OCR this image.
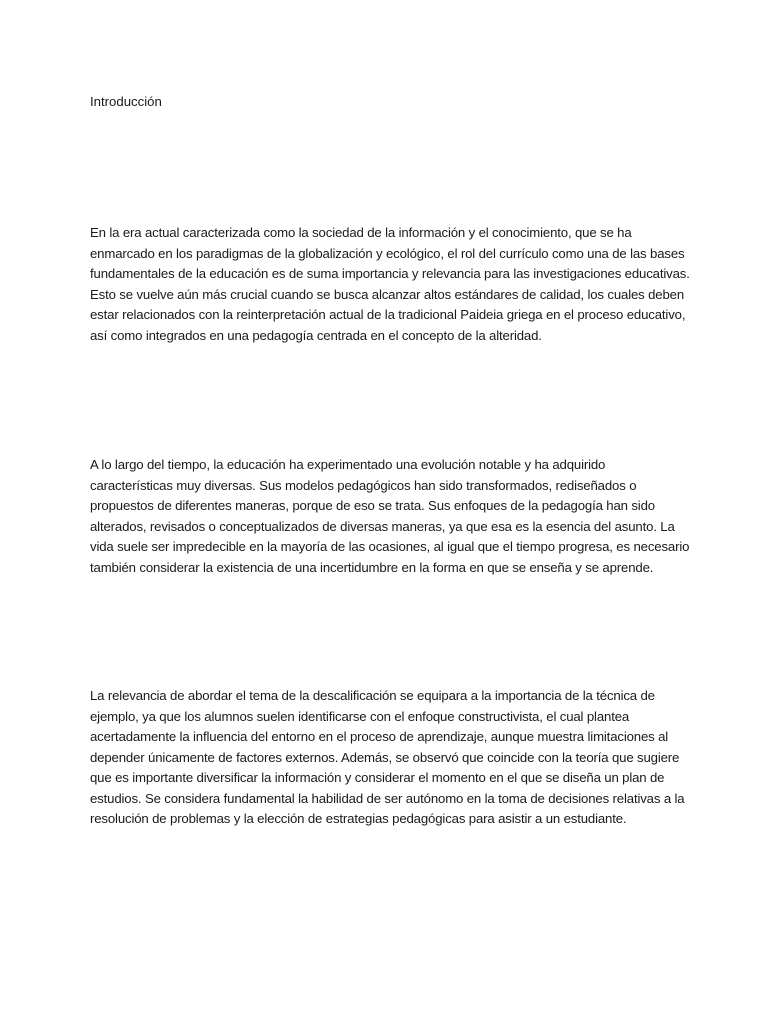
Introducción

En la era actual caracterizada como la sociedad de la información y el conocimiento, que se ha
enmarcado en los paradigmas de la globalización y ecológico, el rol del currículo como una de las bases
fundamentales de la educación es de suma importancia y relevancia para las investigaciones educativas.
Esto se vuelve aún más crucial cuando se busca alcanzar altos estándares de calidad, los cuales deben
estar relacionados con la reinterpretación actual de la tradicional Paideia griega en el proceso educativo,
así como integrados en una pedagogía centrada en el concepto de la alteridad.

A lo largo del tiempo, la educación ha experimentado una evolución notable y ha adquirido
características muy diversas. Sus modelos pedagógicos han sido transformados, rediseñados o
propuestos de diferentes maneras, porque de eso se trata. Sus enfoques de la pedagogía han sido
alterados, revisados o conceptualizados de diversas maneras, ya que esa es la esencia del asunto. La
vida suele ser impredecible en la mayoría de las ocasiones, al igual que el tiempo progresa, es necesario
también considerar la existencia de una incertidumbre en la forma en que se enseña y se aprende.

La relevancia de abordar el tema de la descalificación se equipara a la importancia de la técnica de
ejemplo, ya que los alumnos suelen identificarse con el enfoque constructivista, el cual plantea
acertadamente la influencia del entorno en el proceso de aprendizaje, aunque muestra limitaciones al
depender únicamente de factores externos. Además, se observó que coincide con la teoría que sugiere
que es importante diversificar la información y considerar el momento en el que se diseña un plan de
estudios. Se considera fundamental la habilidad de ser autónomo en la toma de decisiones relativas a la
resolución de problemas y la elección de estrategias pedagógicas para asistir a un estudiante.
